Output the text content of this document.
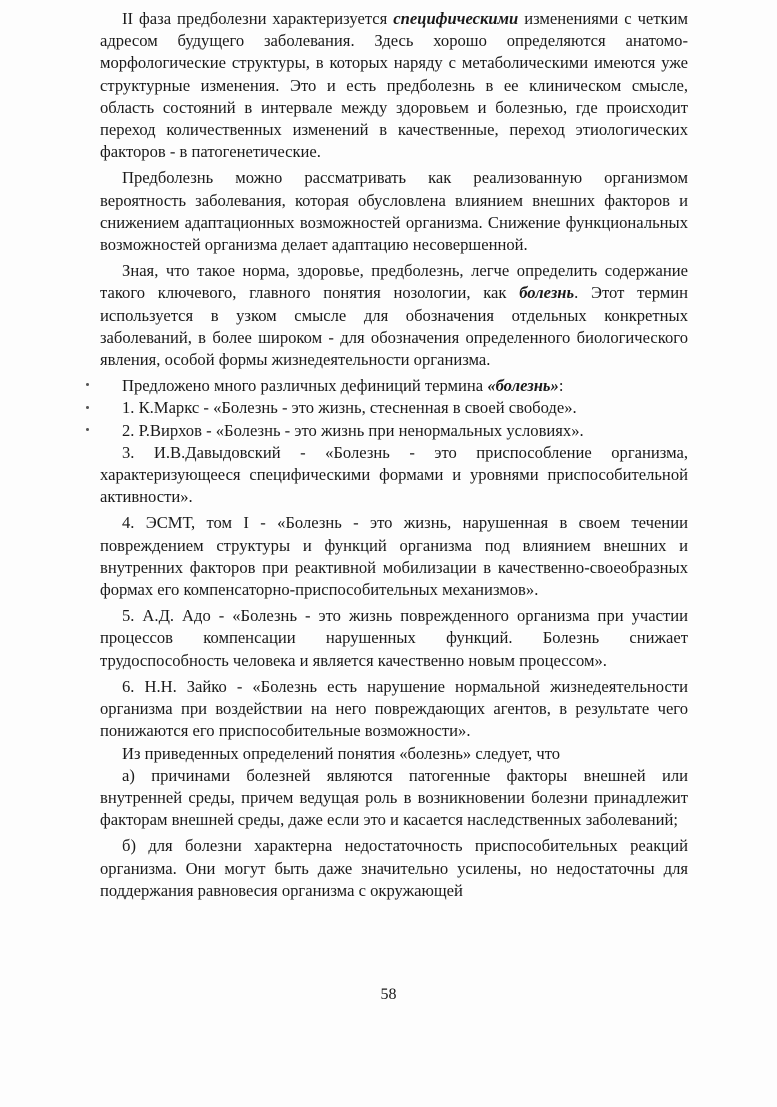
II фаза предболезни характеризуется специфическими изменениями с четким адресом будущего заболевания. Здесь хорошо определяются анатомо-морфологические структуры, в которых наряду с метаболическими имеются уже структурные изменения. Это и есть предболезнь в ее клиническом смысле, область состояний в интервале между здоровьем и болезнью, где происходит переход количественных изменений в качественные, переход этиологических факторов - в патогенетические.

Предболезнь можно рассматривать как реализованную организмом вероятность заболевания, которая обусловлена влиянием внешних факторов и снижением адаптационных возможностей организма. Снижение функциональных возможностей организма делает адаптацию несовершенной.

Зная, что такое норма, здоровье, предболезнь, легче определить содержание такого ключевого, главного понятия нозологии, как болезнь. Этот термин используется в узком смысле для обозначения отдельных конкретных заболеваний, в более широком - для обозначения определенного биологического явления, особой формы жизнедеятельности организма.

Предложено много различных дефиниций термина «болезнь»:

1. К.Маркс - «Болезнь - это жизнь, стесненная в своей свободе».

2. Р.Вирхов - «Болезнь - это жизнь при ненормальных условиях».

3. И.В.Давыдовский - «Болезнь - это приспособление организма, характеризующееся специфическими формами и уровнями приспособительной активности».

4. ЭСМТ, том I - «Болезнь - это жизнь, нарушенная в своем течении повреждением структуры и функций организма под влиянием внешних и внутренних факторов при реактивной мобилизации в качественно-своеобразных формах его компенсаторно-приспособительных механизмов».

5. А.Д. Адо - «Болезнь - это жизнь поврежденного организма при участии процессов компенсации нарушенных функций. Болезнь снижает трудоспособность человека и является качественно новым процессом».

6. Н.Н. Зайко - «Болезнь есть нарушение нормальной жизнедеятельности организма при воздействии на него повреждающих агентов, в результате чего понижаются его приспособительные возможности».

Из приведенных определений понятия «болезнь» следует, что

а) причинами болезней являются патогенные факторы внешней или внутренней среды, причем ведущая роль в возникновении болезни принадлежит факторам внешней среды, даже если это и касается наследственных заболеваний;

б) для болезни характерна недостаточность приспособительных реакций организма. Они могут быть даже значительно усилены, но недостаточны для поддержания равновесия организма с окружающей

58
